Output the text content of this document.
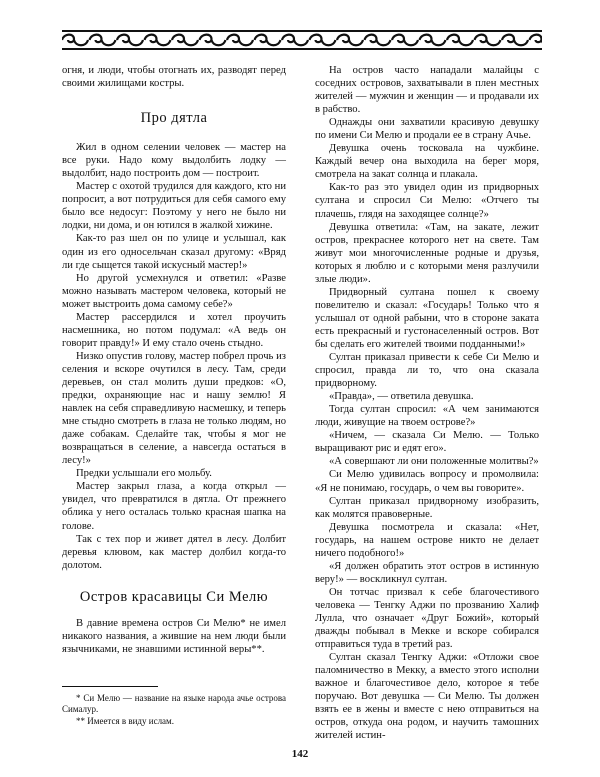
огня, и люди, чтобы отогнать их, разводят перед своими жилищами костры.

Про дятла

Жил в одном селении человек — мастер на все руки. Надо кому выдолбить лодку — выдолбит, надо построить дом — построит.

Мастер с охотой трудился для каждого, кто ни попросит, а вот потрудиться для себя самого ему было все недосуг: Поэтому у него не было ни лодки, ни дома, и он ютился в жалкой хижине.

Как-то раз шел он по улице и услышал, как один из его односельчан сказал другому: «Вряд ли где сыщется такой искусный мастер!»

Но другой усмехнулся и ответил: «Разве можно называть мастером человека, который не может выстроить дома самому себе?»

Мастер рассердился и хотел проучить насмешника, но потом подумал: «А ведь он говорит правду!» И ему стало очень стыдно.

Низко опустив голову, мастер побрел прочь из селения и вскоре очутился в лесу. Там, среди деревьев, он стал молить души предков: «О, предки, охраняющие нас и нашу землю! Я навлек на себя справедливую насмешку, и теперь мне стыдно смотреть в глаза не только людям, но даже собакам. Сделайте так, чтобы я мог не возвращаться в селение, а навсегда остаться в лесу!»

Предки услышали его мольбу.

Мастер закрыл глаза, а когда открыл — увидел, что превратился в дятла. От прежнего облика у него осталась только красная шапка на голове.

Так с тех пор и живет дятел в лесу. Долбит деревья клювом, как мастер долбил когда-то долотом.

Остров красавицы Си Мелю

В давние времена остров Си Мелю* не имел никакого названия, а жившие на нем люди были язычниками, не знавшими истинной веры**.

* Си Мелю — название на языке народа ачье острова Сималур.
** Имеется в виду ислам.

На остров часто нападали малайцы с соседних островов, захватывали в плен местных жителей — мужчин и женщин — и продавали их в рабство.

Однажды они захватили красивую девушку по имени Си Мелю и продали ее в страну Ачье.

Девушка очень тосковала на чужбине. Каждый вечер она выходила на берег моря, смотрела на закат солнца и плакала.

Как-то раз это увидел один из придворных султана и спросил Си Мелю: «Отчего ты плачешь, глядя на заходящее солнце?»

Девушка ответила: «Там, на закате, лежит остров, прекраснее которого нет на свете. Там живут мои многочисленные родные и друзья, которых я люблю и с которыми меня разлучили злые люди».

Придворный султана пошел к своему повелителю и сказал: «Государь! Только что я услышал от одной рабыни, что в стороне заката есть прекрасный и густонаселенный остров. Вот бы сделать его жителей твоими подданными!»

Султан приказал привести к себе Си Мелю и спросил, правда ли то, что она сказала придворному.

«Правда», — ответила девушка.

Тогда султан спросил: «А чем занимаются люди, живущие на твоем острове?»

«Ничем, — сказала Си Мелю. — Только выращивают рис и едят его».

«А совершают ли они положенные молитвы?»

Си Мелю удивилась вопросу и промолвила: «Я не понимаю, государь, о чем вы говорите».

Султан приказал придворному изобразить, как молятся правоверные.

Девушка посмотрела и сказала: «Нет, государь, на нашем острове никто не делает ничего подобного!»

«Я должен обратить этот остров в истинную веру!» — воскликнул султан.

Он тотчас призвал к себе благочестивого человека — Тенгку Аджи по прозванию Халиф Лулла, что означает «Друг Божий», который дважды побывал в Мекке и вскоре собирался отправиться туда в третий раз.

Султан сказал Тенгку Аджи: «Отложи свое паломничество в Мекку, а вместо этого исполни важное и благочестивое дело, которое я тебе поручаю. Вот девушка — Си Мелю. Ты должен взять ее в жены и вместе с нею отправиться на остров, откуда она родом, и научить тамошних жителей истин-

142
